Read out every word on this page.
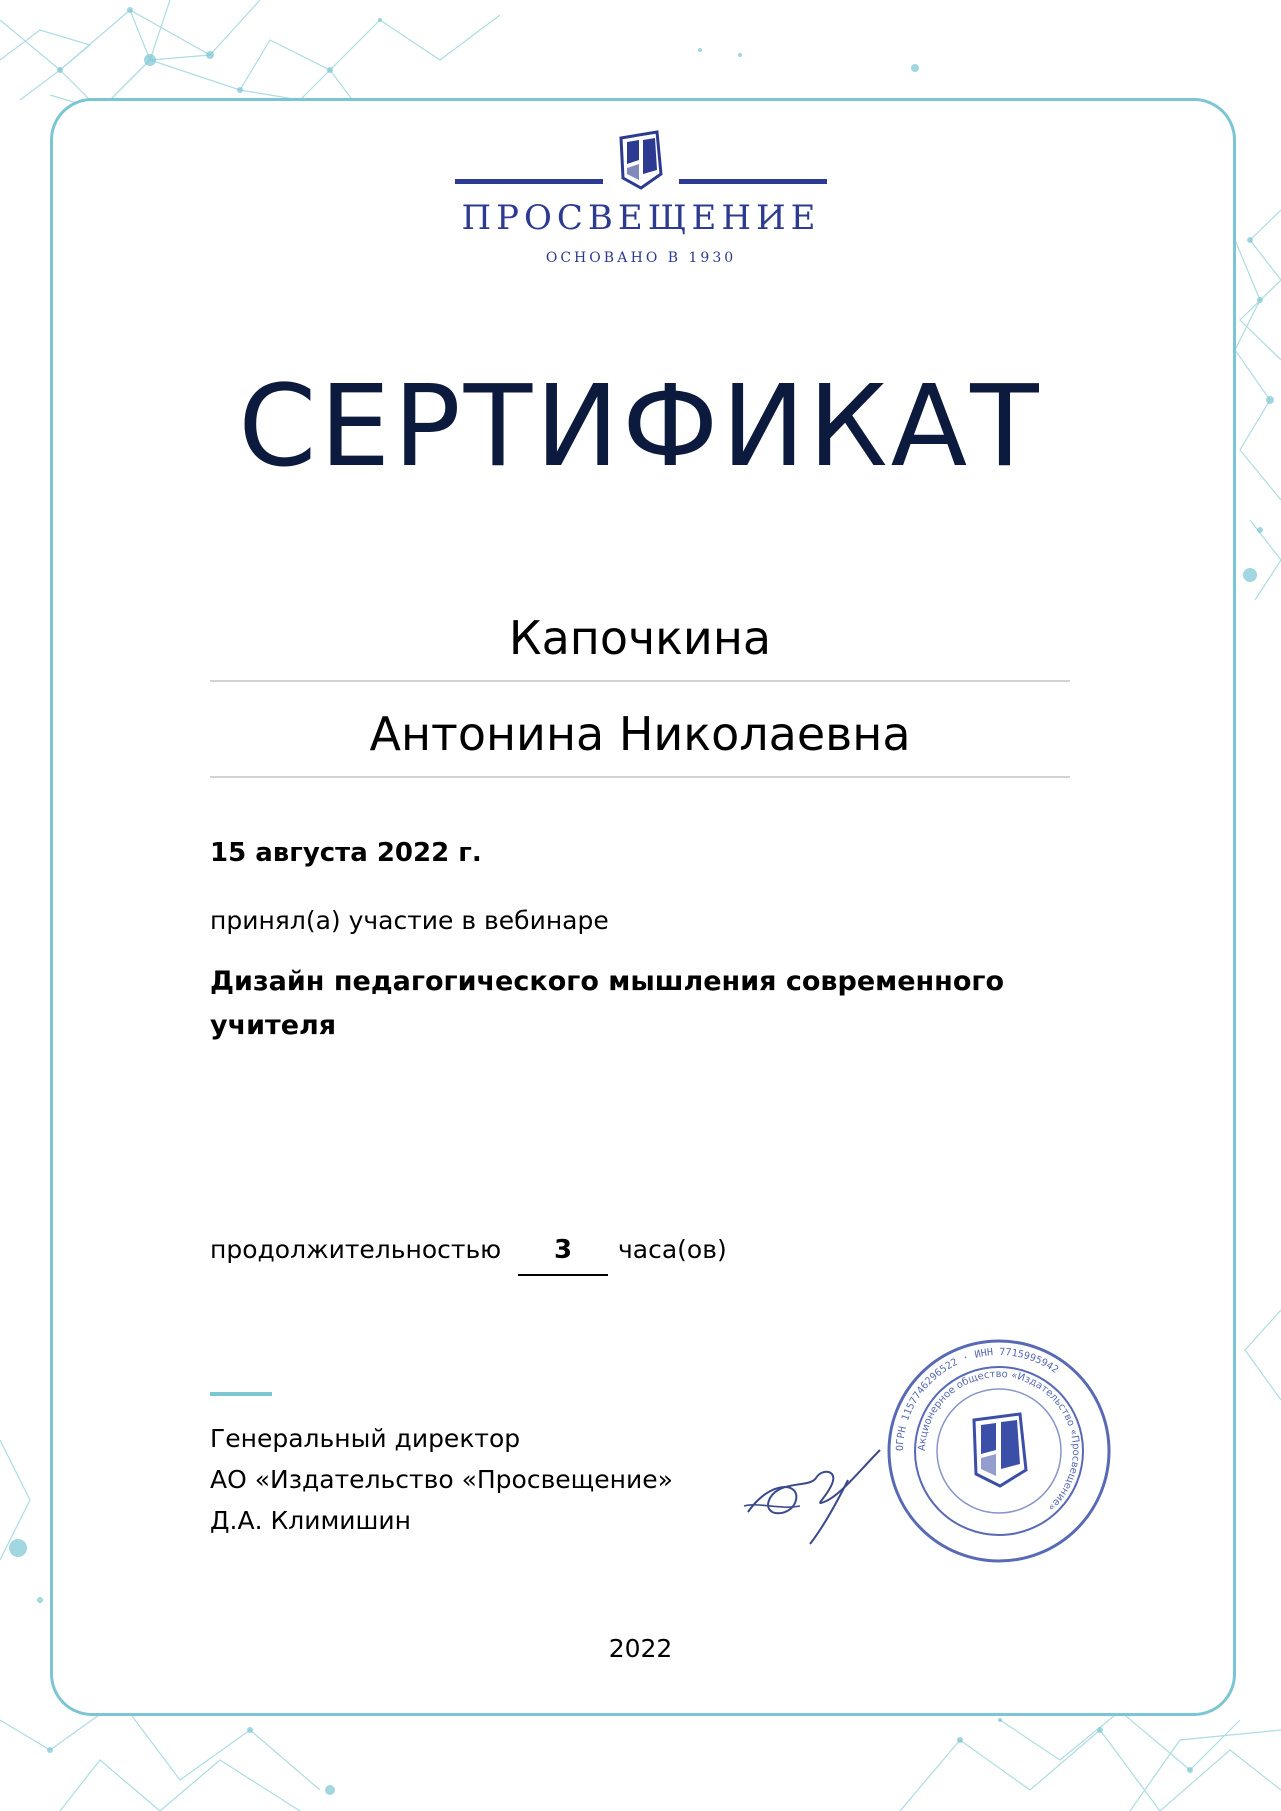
ПРОСВЕЩЕНИЕ
ОСНОВАНО В 1930
СЕРТИФИКАТ
Капочкина
Антонина Николаевна
15 августа 2022 г.
принял(а) участие в вебинаре
Дизайн педагогического мышления современного учителя
продолжительностью	3	часа(ов)
Генеральный директор
АО «Издательство «Просвещение»
Д.А. Климишин
ОГРН 1157746296522 · ИНН 7715995942
Акционерное общество «Издательство «Просвещение»
2022
